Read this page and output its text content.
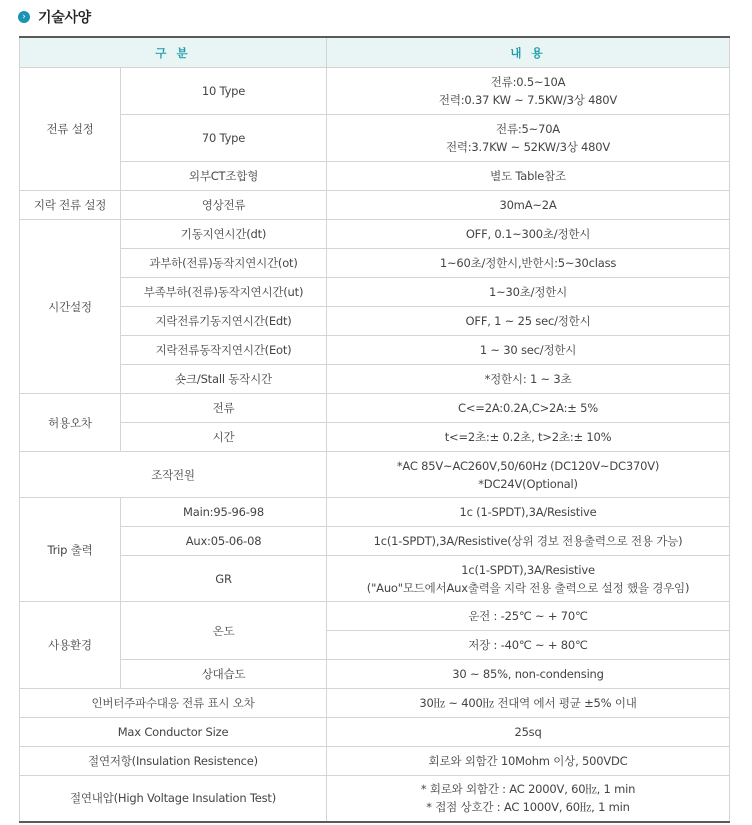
› 기술사양
구 분		내 용
전류 설정	10 Type	전류:0.5~10A
전력:0.37 KW ~ 7.5KW/3상 480V

	70 Type	전류:5~70A
전력:3.7KW ~ 52KW/3상 480V

	외부CT조합형	별도 Table참조
지락 전류 설정	영상전류	30mA~2A
시간설정	기동지연시간(dt)	OFF, 0.1~300초/정한시
	과부하(전류)동작지연시간(ot)	1~60초/정한시,반한시:5~30class
	부족부하(전류)동작지연시간(ut)	1~30초/정한시
	지락전류기동지연시간(Edt)	OFF, 1 ~ 25 sec/정한시
	지락전류동작지연시간(Eot)	1 ~ 30 sec/정한시
	숏크/Stall 동작시간	*정한시: 1 ~ 3초
허용오차	전류	C<=2A:0.2A,C>2A:± 5%
	시간	t<=2초:± 0.2초, t>2초:± 10%
조작전원		*AC 85V~AC260V,50/60Hz (DC120V~DC370V)
*DC24V(Optional)

Trip 출력	Main:95-96-98	1c (1-SPDT),3A/Resistive
	Aux:05-06-08	1c(1-SPDT),3A/Resistive(상위 경보 전용출력으로 전용 가능)
	GR	1c(1-SPDT),3A/Resistive
("Auo"모드에서Aux출력을 지락 전용 출력으로 설정 했을 경우임)

사용환경	온도	운전 : -25℃ ~ + 70℃
		저장 : -40℃ ~ + 80℃
	상대습도	30 ~ 85%, non-condensing
인버터주파수대응 전류 표시 오차		30㎐ ~ 400㎐ 전대역 에서 평균 ±5% 이내
Max Conductor Size		25sq
절연저항(Insulation Resistence)		회로와 외함간 10Mohm 이상, 500VDC
절연내압(High Voltage Insulation Test)		* 회로와 외함간 : AC 2000V, 60㎐, 1 min
* 접점 상호간 : AC 1000V, 60㎐, 1 min
